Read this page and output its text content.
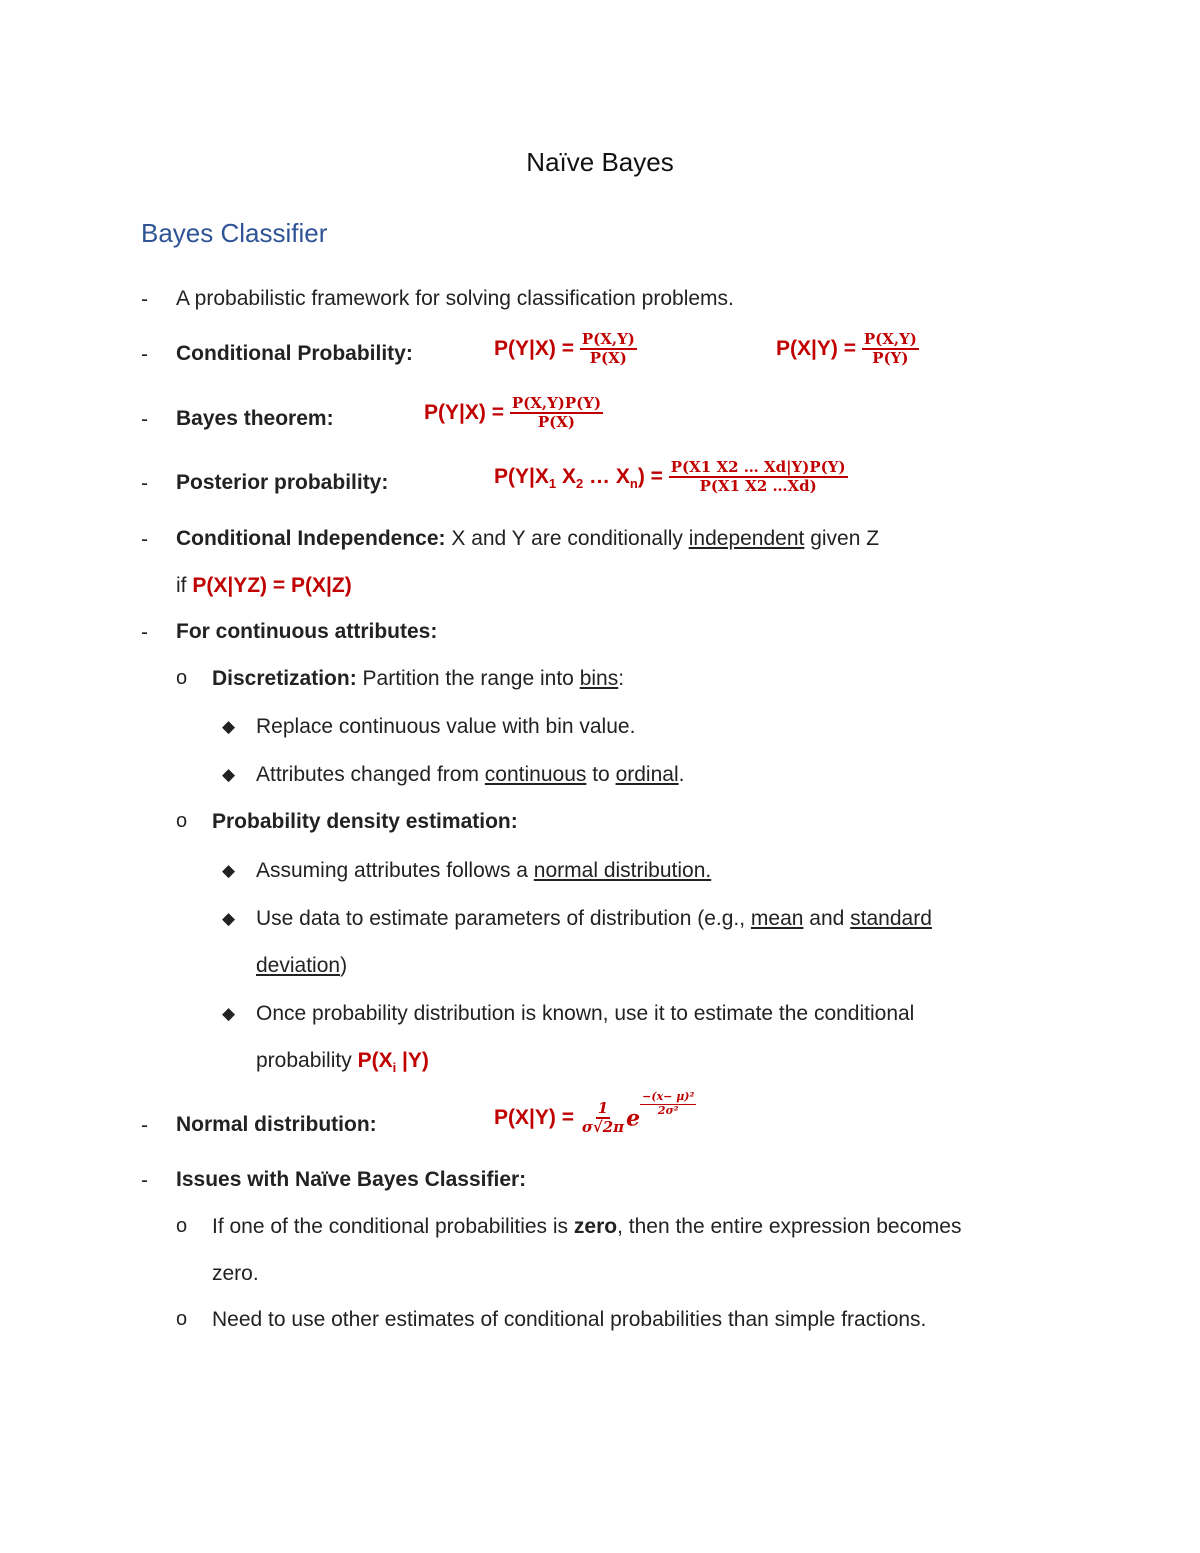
Naïve Bayes
Bayes Classifier
-	A probabilistic framework for solving classification problems.
-	Conditional Probability:	$P(Y|X) = \frac{P(X,Y)}{P(X)}$	$P(X|Y) = \frac{P(X,Y)}{P(Y)}$
-	Bayes theorem:	$P(Y|X) = \frac{P(X,Y)P(Y)}{P(X)}$
-	Posterior probability:	$P(Y|X_1$ $X_2$ … $X_n) = \frac{P(X1 X2 \dots Xd|Y)P(Y)}{P(X1 X2 \dots Xd)}$
-	Conditional Independence: X and Y are conditionally independent given Z
if P(X|YZ) = P(X|Z)
-	For continuous attributes:
o Discretization: Partition the range into bins:
◆ Replace continuous value with bin value.
◆ Attributes changed from continuous to ordinal.
o Probability density estimation:
◆ Assuming attributes follows a normal distribution.
◆ Use data to estimate parameters of distribution (e.g., mean and standard
deviation)
◆ Once probability distribution is known, use it to estimate the conditional
probability $P(X_i$ |Y)
-	Normal distribution:	$P(X|Y) = \frac{1}{\sigma√2\pi}$ e
$\frac{\text{−(x− μ)²}}{\text{2σ²}}$
-	Issues with Naïve Bayes Classifier:
o If one of the conditional probabilities is zero, then the entire expression becomes
zero.
o Need to use other estimates of conditional probabilities than simple fractions.
